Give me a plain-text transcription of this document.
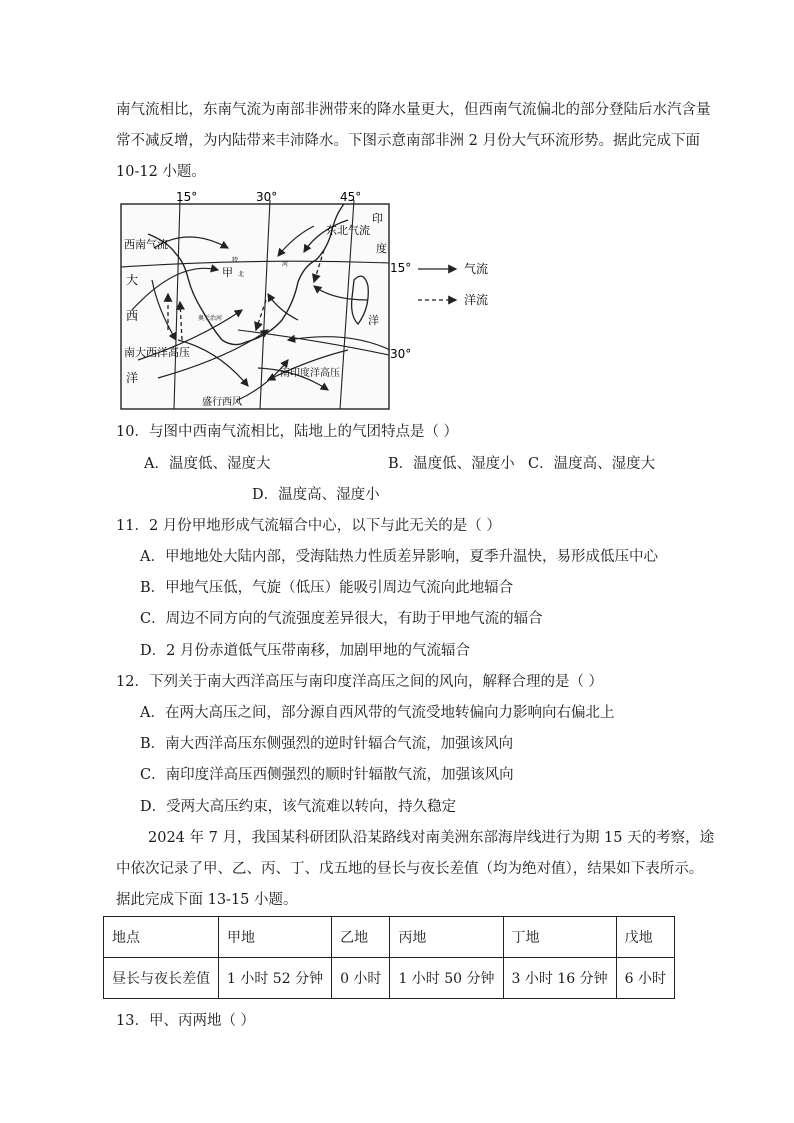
南气流相比，东南气流为南部非洲带来的降水量更大，但西南气流偏北的部分登陆后水汽含量

常不减反增，为内陆带来丰沛降水。下图示意南部非洲 2 月份大气环流形势。据此完成下面

10-12 小题。

15°	30°	45°
15°
30°
西南气流
东北气流
大
西
南大西洋高压
洋
甲 北
特
河
奥兰治河
印
度
洋
南印度洋高压
盛行西风
气流
洋流

10．与图中西南气流相比，陆地上的气团特点是（ ）

A．温度低、湿度大	B．温度低、湿度小 C．温度高、湿度大

D．温度高、湿度小

11．2 月份甲地形成气流辐合中心，以下与此无关的是（ ）

A．甲地地处大陆内部，受海陆热力性质差异影响，夏季升温快，易形成低压中心

B．甲地气压低，气旋（低压）能吸引周边气流向此地辐合

C．周边不同方向的气流强度差异很大，有助于甲地气流的辐合

D．2 月份赤道低气压带南移，加剧甲地的气流辐合

12．下列关于南大西洋高压与南印度洋高压之间的风向，解释合理的是（ ）

A．在两大高压之间，部分源自西风带的气流受地转偏向力影响向右偏北上

B．南大西洋高压东侧强烈的逆时针辐合气流，加强该风向

C．南印度洋高压西侧强烈的顺时针辐散气流，加强该风向

D．受两大高压约束，该气流难以转向，持久稳定

2024 年 7 月，我国某科研团队沿某路线对南美洲东部海岸线进行为期 15 天的考察，途

中依次记录了甲、乙、丙、丁、戊五地的昼长与夜长差值（均为绝对值），结果如下表所示。

据此完成下面 13-15 小题。

地点	甲地	乙地	丙地	丁地	戊地
昼长与夜长差值	1 小时 52 分钟	0 小时	1 小时 50 分钟	3 小时 16 分钟	6 小时

13．甲、丙两地（ ）
